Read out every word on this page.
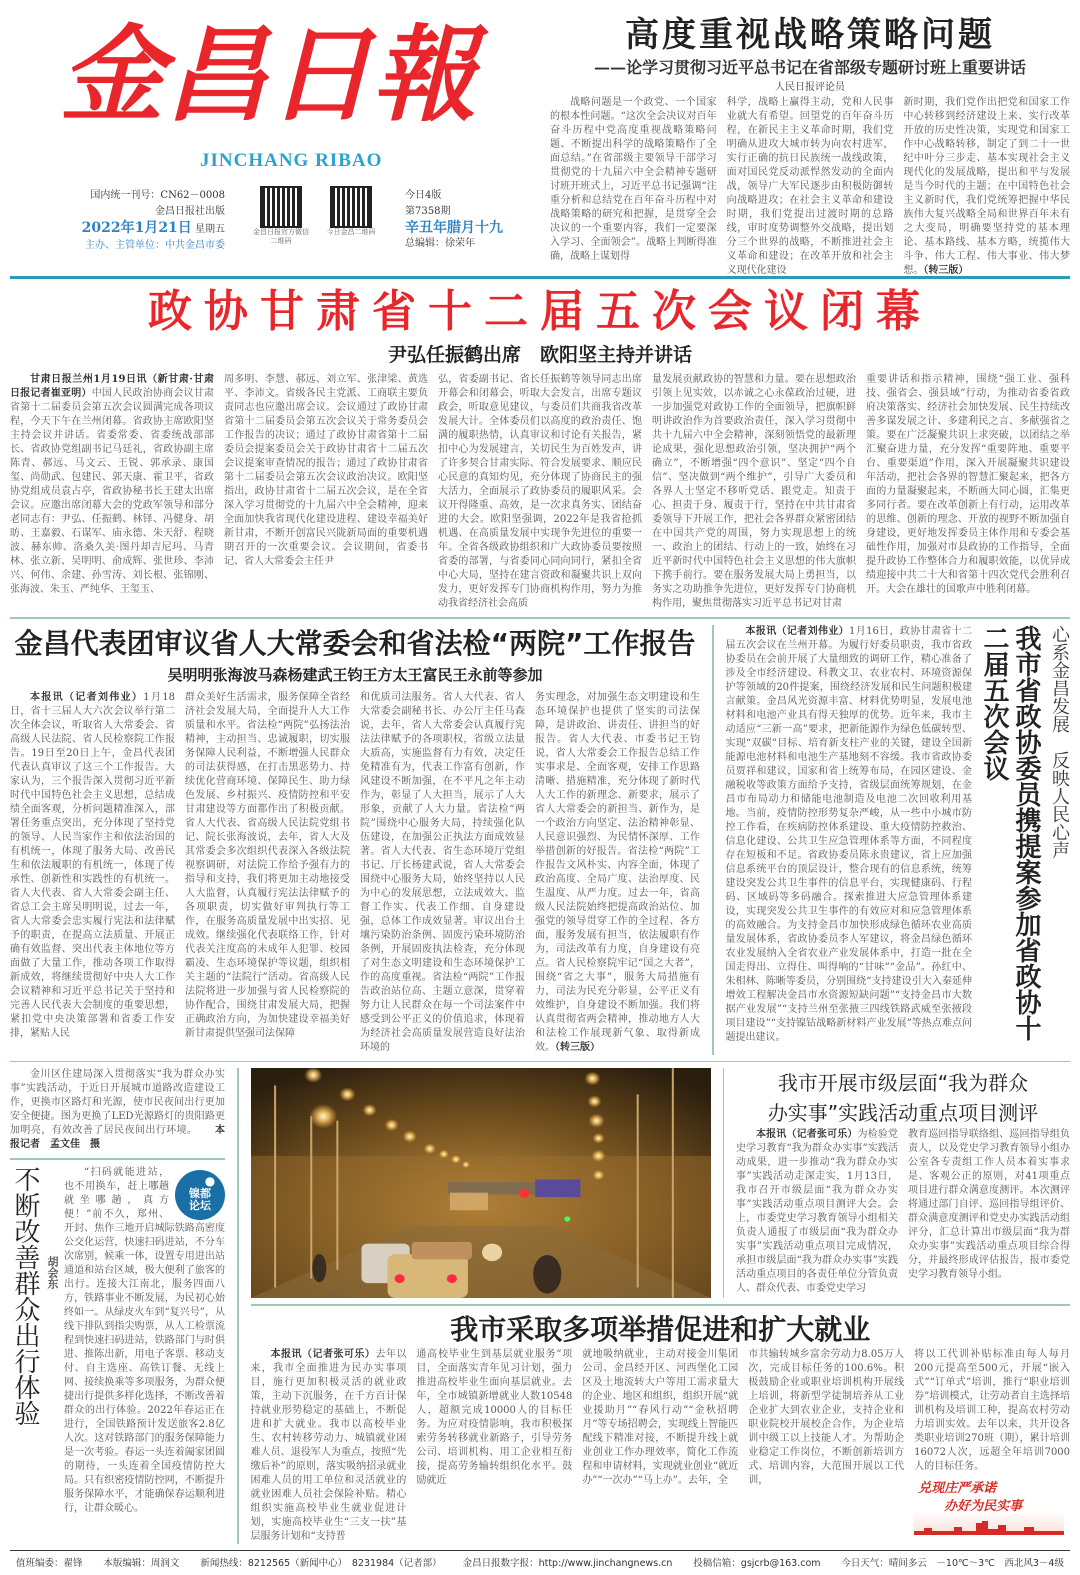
金 昌 日 報
JINCHANG RIBAO
国内统一刊号：CN62－0008
金昌日报社出版
2022年1月21日 星期五
主办、主管单位：中共金昌市委
金昌日报官方微信二维码
今日金昌二维码
今日4版
第7358期
辛丑年腊月十九
总编辑：徐荣年
高度重视战略策略问题
——论学习贯彻习近平总书记在省部级专题研讨班上重要讲话
人民日报评论员
战略问题是一个政党、一个国家的根本性问题。“这次全会决议对百年奋斗历程中党高度重视战略策略问题、不断提出科学的战略策略作了全面总结。”在省部级主要领导干部学习贯彻党的十九届六中全会精神专题研讨班开班式上，习近平总书记强调“注重分析和总结党在百年奋斗历程中对战略策略的研究和把握，是贯穿全会决议的一个重要内容，我们一定要深入学习、全面领会”。战略上判断得准确，战略上谋划得
科学，战略上赢得主动，党和人民事业就大有希望。回望党的百年奋斗历程，在新民主主义革命时期，我们党明确从进攻大城市转为向农村进军，实行正确的抗日民族统一战线政策，面对国民党反动派悍然发动的全面内战，领导广大军民逐步由积极防御转向战略进攻；在社会主义革命和建设时期，我们党提出过渡时期的总路线，审时度势调整外交战略，提出划分三个世界的战略，不断推进社会主义革命和建设；在改革开放和社会主义现代化建设
新时期，我们党作出把党和国家工作中心转移到经济建设上来、实行改革开放的历史性决策，实现党和国家工作中心战略转移，制定了到二十一世纪中叶分三步走、基本实现社会主义现代化的发展战略，提出和平与发展是当今时代的主题；在中国特色社会主义新时代，我们党统筹把握中华民族伟大复兴战略全局和世界百年未有之大变局，明确要坚持党的基本理论、基本路线、基本方略，统揽伟大斗争、伟大工程、伟大事业、伟大梦想。（转三版）
政协甘肃省十二届五次会议闭幕
尹弘任振鹤出席　欧阳坚主持并讲话
甘肃日报兰州1月19日讯（新甘肃·甘肃日报记者崔亚明）中国人民政治协商会议甘肃省第十二届委员会第五次会议圆满完成各项议程，今天下午在兰州闭幕。省政协主席欧阳坚主持会议并讲话。省委常委、省委统战部部长、省政协党组副书记马廷礼，省政协副主席陈青、郝远、马文云、王锐、郭承录、康国玺、尚勋武、包建民、郭天康、霍卫平，省政协党组成员袁占亭，省政协秘书长王建太出席会议。应邀出席闭幕大会的党政军领导和部分老同志有：尹弘、任振鹤、林铎、冯健身、胡昉、王嘉毅、石谋军、庙永德、朱天舒、程晓波、赫东帅、洛桑久美·图丹却吉尼玛、马青林、张立新、吴明明、俞成辉、张世珍、李沛兴、何伟、余建、孙雪涛、刘长根、张锦刚、张海波、朱玉、严纯华、王玺玉、
周多明、李慧、郝远、刘立军、张津梁、黄选平、李沛文。省级各民主党派、工商联主要负责同志也应邀出席会议。会议通过了政协甘肃省第十二届委员会第五次会议关于常务委员会工作报告的决议；通过了政协甘肃省第十二届委员会提案委员会关于政协甘肃省十二届五次会议提案审查情况的报告；通过了政协甘肃省第十二届委员会第五次会议政治决议。欧阳坚指出，政协甘肃省十二届五次会议，是在全省深入学习贯彻党的十九届六中全会精神，迎来全面加快我省现代化建设进程、建设幸福美好新甘肃，不断开创富民兴陇新局面的重要机遇期召开的一次重要会议。会议期间，省委书记、省人大常委会主任尹
弘，省委副书记、省长任振鹤等领导同志出席开幕会和闭幕会，听取大会发言，出席专题议政会，听取意见建议，与委员们共商我省改革发展大计。全体委员们以高度的政治责任、饱满的履职热情，认真审议和讨论有关报告，紧扣中心为发展建言，关切民生为百姓发声，讲了许多契合甘肃实际、符合发展要求、顺应民心民意的真知灼见，充分体现了协商民主的强大活力，全面展示了政协委员的履职风采。会议开得隆重、高效，是一次求真务实、团结奋进的大会。欧阳坚强调，2022年是我省抢抓机遇、在高质量发展中实现争先进位的重要一年。全省各级政协组织和广大政协委员要按照省委的部署，与省委同心同向同行，紧扣全省中心大局，坚持在建言资政和凝聚共识上双向发力，更好发挥专门协商机构作用，努力为推动我省经济社会高质
量发展贡献政协的智慧和力量。要在思想政治引领上见实效，以赤诚之心永葆政治过硬，进一步加强党对政协工作的全面领导，把旗帜鲜明讲政治作为首要政治责任，深入学习贯彻中共十九届六中全会精神，深刻领悟党的最新理论成果，强化思想政治引领，坚决拥护“两个确立”，不断增强“四个意识”、坚定“四个自信”、坚决做到“两个维护”，引导广大委员和各界人士坚定不移听党话、跟党走。知责于心、担责于身、履责于行，坚持在中共甘肃省委领导下开展工作，把社会各界群众紧密团结在中国共产党的周围，努力实现思想上的统一、政治上的团结、行动上的一致，始终在习近平新时代中国特色社会主义思想的伟大旗帜下携手前行。要在服务发展大局上勇担当，以务实之功助推争先进位，更好发挥专门协商机构作用，聚焦贯彻落实习近平总书记对甘肃
重要讲话和指示精神，围绕“强工业、强科技、强省会、强县域”行动，为推动省委省政府决策落实、经济社会加快发展、民生持续改善多谋发展之计、多建利民之言、多献强省之策。要在广泛凝聚共识上求突破，以团结之举汇聚奋进力量，充分发挥“重要阵地、重要平台、重要渠道”作用，深入开展凝聚共识建设年活动，把社会各界的智慧汇聚起来，把各方面的力量凝聚起来，不断画大同心圆，汇集更多同行者。要在改革创新上有行动，运用改革的思维、创新的理念、开放的视野不断加强自身建设，更好地发挥委员主体作用和专委会基础性作用，加强对市县政协的工作指导，全面提升政协工作整体合力和履职效能，以优异成绩迎接中共二十大和省第十四次党代会胜利召开。大会在雄壮的国歌声中胜利闭幕。
金昌代表团审议省人大常委会和省法检“两院”工作报告
吴明明张海波马森杨建武王钧王方太王富民王永前等参加
本报讯（记者刘伟业）1月18日，省十三届人大六次会议举行第二次全体会议，听取省人大常委会、省高级人民法院、省人民检察院工作报告。19日至20日上午，金昌代表团代表认真审议了这三个工作报告。大家认为，三个报告深入贯彻习近平新时代中国特色社会主义思想，总结成绩全面客观，分析问题精准深入，部署任务重点突出，充分体现了坚持党的领导、人民当家作主和依法治国的有机统一，体现了服务大局、改善民生和依法履职的有机统一，体现了传承性、创新性和实践性的有机统一。省人大代表、省人大常委会副主任、省总工会主席吴明明说，过去一年，省人大常委会忠实履行宪法和法律赋予的职责，在提高立法质量、开展正确有效监督、突出代表主体地位等方面做了大量工作，推动各项工作取得新成效，将继续贯彻好中央人大工作会议精神和习近平总书记关于坚持和完善人民代表大会制度的重要思想，紧扣党中央决策部署和省委工作安排，紧贴人民
群众美好生活需求，服务保障全省经济社会发展大局，全面提升人大工作质量和水平。省法检“两院”弘扬法治精神，主动担当、忠诚履职，切实服务保障人民利益，不断增强人民群众的司法获得感，在打击黑恶势力、持续优化营商环境、保障民生、助力绿色发展、乡村振兴、疫情防控和平安甘肃建设等方面都作出了积极贡献。省人大代表、省高级人民法院党组书记、院长张海波说，去年，省人大及其常委会多次组织代表深入各级法院视察调研，对法院工作给予强有力的指导和支持，我们将更加主动地接受人大监督，认真履行宪法法律赋予的各项职责，切实做好审判执行等工作，在服务高质量发展中出实招、见成效。继续强化代表联络工作，针对代表关注度高的未成年人犯罪、校园霸凌、生态环境保护等议题，组织相关主题的“法院行”活动。省高级人民法院将进一步加强与省人民检察院的协作配合，围绕甘肃发展大局，把握正确政治方向，为加快建设幸福美好新甘肃提供坚强司法保障
和优质司法服务。省人大代表、省人大常委会副秘书长、办公厅主任马森说，去年，省人大常委会认真履行宪法法律赋予的各项职权，省级立法量大质高，实施监督有力有效，决定任免精准有为，代表工作富有创新，作风建设不断加强，在不平凡之年主动作为，彰显了人大担当，展示了人大形象，贡献了人大力量。省法检“两院”围绕中心服务大局，持续强化队伍建设，在加强公正执法方面成效显著。省人大代表、省生态环境厅党组书记、厅长杨建武说，省人大常委会围绕中心服务大局，始终坚持以人民为中心的发展思想，立法成效大、监督工作实、代表工作细、自身建设强，总体工作成效显著。审议出台土壤污染防治条例、固废污染环境防治条例，开展固废执法检查，充分体现了对生态文明建设和生态环境保护工作的高度重视。省法检“两院”工作报告政治站位高、主题立意深，贯穿着努力让人民群众在每一个司法案件中感受到公平正义的价值追求，体现着为经济社会高质量发展营造良好法治环境的
务实理念，对加强生态文明建设和生态环境保护也提供了坚实的司法保障，是讲政治、讲责任、讲担当的好报告。省人大代表、市委书记王钧说，省人大常委会工作报告总结工作实事求是、全面客观，安排工作思路清晰、措施精准，充分体现了新时代人大工作的新理念、新要求，展示了省人大常委会的新担当、新作为，是一个政治方向坚定、法治精神彰显、人民意识强烈、为民情怀深厚、工作举措创新的好报告。省法检“两院”工作报告文风朴实、内容全面，体现了政治高度、全局广度、法治厚度、民生温度、从严力度。过去一年，省高级人民法院始终把提高政治站位、加强党的领导贯穿工作的全过程、各方面，服务发展有担当，依法履职有作为，司法改革有力度，自身建设有亮点。省人民检察院牢记“国之大者”，围绕“省之大事”，服务大局措施有力，司法为民充分彰显，公平正义有效维护，自身建设不断加强。我们将认真贯彻省两会精神，推动地方人大和法检工作展现新气象、取得新成效。（转三版）
本报讯（记者刘伟业）1月16日，政协甘肃省十二届五次会议在兰州开幕。为履行好委员职责，我市省政协委员在会前开展了大量细致的调研工作，精心准备了涉及全市经济建设、科教文卫、农业农村、环境资源保护等领域的20件提案，围绕经济发展和民生问题积极建言献策。金昌风光资源丰富、材料优势明显，发展电池材料和电池产业具有得天独厚的优势。近年来，我市主动适应“三新一高”要求，把新能源作为绿色低碳转型、实现“双碳”目标、培育新支柱产业的关键，建设全国新能源电池材料和电池生产基地刻不容缓。我市省政协委员贾祥和建议，国家和省上统筹布局，在园区建设、金融税收等政策方面给予支持，省级层面统筹规划，在金昌市布局动力和储能电池制造及电池二次回收利用基地。当前，疫情防控形势复杂严峻，从一些中小城市防控工作看，在疾病防控体系建设、重大疫情防控救治、信息化建设、公共卫生应急管理体系等方面，不同程度存在短板和不足。省政协委员陈永贵建议，省上应加强信息系统平台的顶层设计，整合现有的信息系统，统筹建设突发公共卫生事件的信息平台，实现健康码、行程码、区域码等多码融合。探索推进大应急管理体系建设，实现突发公共卫生事件的有效应对和应急管理体系的高效融合。为支持金昌市加快形成绿色循环农业高质量发展体系，省政协委员李人军建议，将金昌绿色循环农业发展纳入全省农业产业发展体系中，打造一批在全国走得出、立得住、叫得响的“甘味”“金品”。孙红中、朱相林、陈晰等委员，分别围绕“支持建设引大入秦延伸增效工程解决金昌市水资源短缺问题”“支持金昌市大数据产业发展”“支持兰州至张掖三四线铁路武威至张掖段项目建设”“支持镍钴战略新材料产业发展”等热点难点问题提出建议。	我市省政协委员携提案参加省政协十二届五次会议	心系金昌发展　反映人民心声
金川区住建局深入贯彻落实“我为群众办实事”实践活动，于近日开展城市道路改造建设工作，更换市区路灯和光源，使市民夜间出行更加安全便捷。图为更换了LED光源路灯的贵阳路更加明亮，有效改善了居民夜间出行环境。 本报记者　孟文佳　摄
不断改善群众出行体验 胡会东
●
镍都
论坛
“扫码就能进站，也不用换车，赶上哪趟就坐哪趟，真方便！”前不久，郑州、开封、焦作三地开启城际铁路高密度公交化运营，快速扫码进站，不分车次席别，候乘一体，设置专用进出站通道和站台区域，极大便利了旅客的出行。连接大江南北，服务四面八方，铁路事业不断发展，为民初心始终如一。从绿皮火车到“复兴号”，从线下排队到指尖购票，从人工检票流程到快速扫码进站，铁路部门与时俱进、推陈出新，用电子客票、移动支付、自主选座、高铁订餐、无线上网、接续换乘等多项服务，为群众便捷出行提供多样化选择，不断改善着群众的出行体验。2022年春运正在进行，全国铁路预计发送旅客2.8亿人次。这对铁路部门的服务保障能力是一次考验。春运一头连着阖家团圆的期待，一头连着全国疫情防控大局。只有织密疫情防控网，不断提升服务保障水平，才能确保春运顺利进行，让群众暖心。
我市开展市级层面“我为群众
办实事”实践活动重点项目测评
本报讯（记者张可乐）为检验党史学习教育“我为群众办实事”实践活动成果，进一步推动“我为群众办实事”实践活动走深走实，1月13日，我市召开市级层面“我为群众办实事”实践活动重点项目测评大会。会上，市委党史学习教育领导小组相关负责人通报了市级层面“我为群众办实事”实践活动重点项目完成情况，承担市级层面“我为群众办实事”实践活动重点项目的各责任单位分管负责人、群众代表、市委党史学习
教育巡回指导联络组、巡回指导组负责人，以及党史学习教育领导小组办公室各专责组工作人员本着实事求是、客观公正的原则，对41项重点项目进行群众满意度测评。本次测评将通过部门自评、巡回指导组评价、群众满意度测评和党史办实践活动组评分，汇总计算出市级层面“我为群众办实事”实践活动重点项目综合得分，并最终形成评估报告，报市委党史学习教育领导小组。
我市采取多项举措促进和扩大就业
本报讯（记者张可乐）去年以来，我市全面推进为民办实事项目，施行更加积极灵活的就业政策，主动下沉服务，在千方百计保持就业形势稳定的基础上，不断促进和扩大就业。我市以高校毕业生、农村转移劳动力、城镇就业困难人员、退役军人为重点，按照“先缴后补”的原则，落实吸纳招录就业困难人员的用工单位和灵活就业的就业困难人员社会保险补贴。精心组织实施高校毕业生就业促进计划，实施高校毕业生“三支一扶”基层服务计划和“支持普
通高校毕业生到基层就业服务”项目，全面落实青年见习计划，强力推进高校毕业生面向基层就业。去年，全市城镇新增就业人数10548人，超额完成10000人的目标任务。为应对疫情影响，我市积极探索劳务转移就业新路子，引导劳务公司、培训机构、用工企业相互衔接，提高劳务输转组织化水平。鼓励就近
就地吸纳就业，主动对接金川集团公司、金昌经开区、河西堡化工园区及土地流转大户等用工需求量大的企业、地区和组织，组织开展“就业援助月”“春风行动”“金秋招聘月”等专场招聘会，实现线上智能匹配线下精准对接，不断提升线上就业创业工作办理效率，简化工作流程和申请材料，实现就业创业“就近办”“一次办”“马上办”。去年，全
市共输转城乡富余劳动力8.05万人次，完成目标任务的100.6%。积极鼓励企业或职业培训机构开展线上培训，将新型学徒制培养从工业企业扩大到农业企业，支持企业和职业院校开展校企合作，为企业培训中级工以上技能人才。为帮助企业稳定工作岗位，不断创新培训方式、培训内容，大范围开展以工代训，
将以工代训补贴标准由每人每月200元提高至500元，开展“嵌入式”“订单式”培训，推行“职业培训券”培训模式，让劳动者自主选择培训机构及培训工种，提高农村劳动力培训实效。去年以来，共开设各类职业培训270班（期），累计培训16072人次，远超全年培训7000人的目标任务。
兑现庄严承诺
办好为民实事
值班编委：翟锋 本版编辑：周润文 新闻热线：8212565（新闻中心）　8231984（记者部） 金昌日报数字报：http://www.jinchangnews.cn 投稿信箱：gsjcrb@163.com 今日天气：晴间多云　－10℃～3℃　西北风3－4级
